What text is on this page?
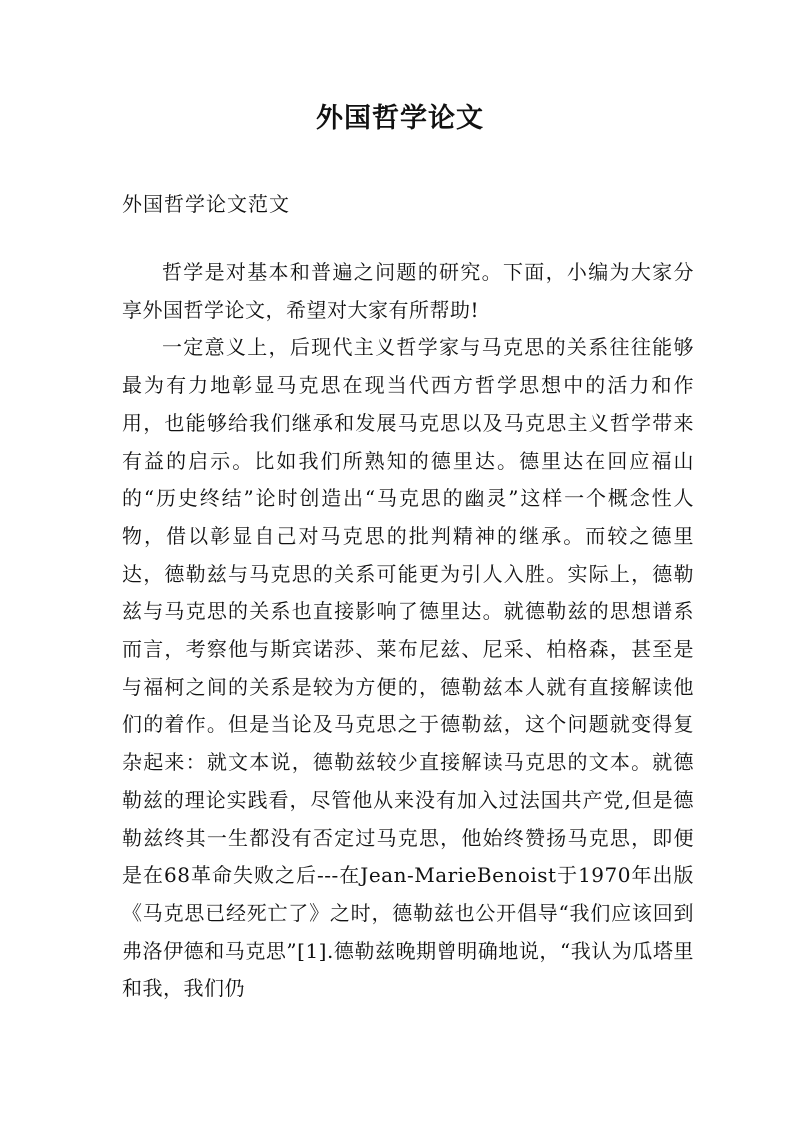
外国哲学论文

外国哲学论文范文

哲学是对基本和普遍之问题的研究。下面，小编为大家分享外国哲学论文，希望对大家有所帮助!

一定意义上，后现代主义哲学家与马克思的关系往往能够最为有力地彰显马克思在现当代西方哲学思想中的活力和作用，也能够给我们继承和发展马克思以及马克思主义哲学带来有益的启示。比如我们所熟知的德里达。德里达在回应福山的“历史终结”论时创造出“马克思的幽灵”这样一个概念性人物，借以彰显自己对马克思的批判精神的继承。而较之德里达，德勒兹与马克思的关系可能更为引人入胜。实际上，德勒兹与马克思的关系也直接影响了德里达。就德勒兹的思想谱系而言，考察他与斯宾诺莎、莱布尼兹、尼采、柏格森，甚至是与福柯之间的关系是较为方便的，德勒兹本人就有直接解读他们的着作。但是当论及马克思之于德勒兹，这个问题就变得复杂起来：就文本说，德勒兹较少直接解读马克思的文本。就德勒兹的理论实践看，尽管他从来没有加入过法国共产党,但是德勒兹终其一生都没有否定过马克思，他始终赞扬马克思，即便是在68革命失败之后---在Jean-MarieBenoist于1970年出版《马克思已经死亡了》之时，德勒兹也公开倡导“我们应该回到弗洛伊德和马克思”[1].德勒兹晚期曾明确地说，“我认为瓜塔里和我，我们仍
